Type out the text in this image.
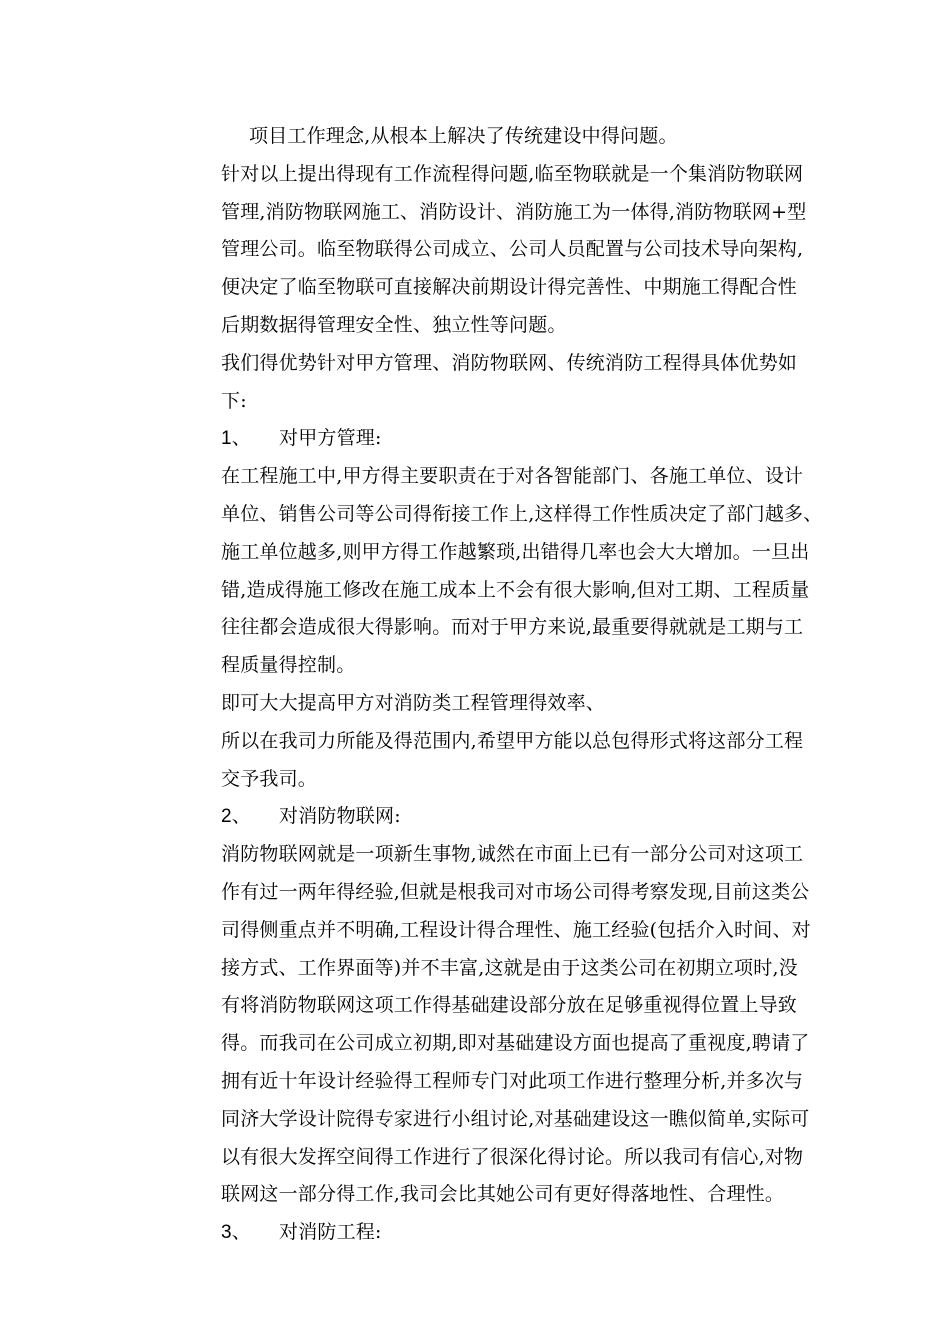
项目工作理念,从根本上解决了传统建设中得问题。
针对以上提出得现有工作流程得问题,临至物联就是一个集消防物联网
管理,消防物联网施工、消防设计、消防施工为一体得,消防物联网+型
管理公司。临至物联得公司成立、公司人员配置与公司技术导向架构,
便决定了临至物联可直接解决前期设计得完善性、中期施工得配合性
后期数据得管理安全性、独立性等问题。
我们得优势针对甲方管理、消防物联网、传统消防工程得具体优势如
下:
1、	对甲方管理:
在工程施工中,甲方得主要职责在于对各智能部门、各施工单位、设计
单位、销售公司等公司得衔接工作上,这样得工作性质决定了部门越多、
施工单位越多,则甲方得工作越繁琐,出错得几率也会大大增加。一旦出
错,造成得施工修改在施工成本上不会有很大影响,但对工期、工程质量
往往都会造成很大得影响。而对于甲方来说,最重要得就就是工期与工
程质量得控制。
即可大大提高甲方对消防类工程管理得效率、
所以在我司力所能及得范围内,希望甲方能以总包得形式将这部分工程
交予我司。
2、	对消防物联网:
消防物联网就是一项新生事物,诚然在市面上已有一部分公司对这项工
作有过一两年得经验,但就是根我司对市场公司得考察发现,目前这类公
司得侧重点并不明确,工程设计得合理性、施工经验(包括介入时间、对
接方式、工作界面等)并不丰富,这就是由于这类公司在初期立项时,没
有将消防物联网这项工作得基础建设部分放在足够重视得位置上导致
得。而我司在公司成立初期,即对基础建设方面也提高了重视度,聘请了
拥有近十年设计经验得工程师专门对此项工作进行整理分析,并多次与
同济大学设计院得专家进行小组讨论,对基础建设这一瞧似简单,实际可
以有很大发挥空间得工作进行了很深化得讨论。所以我司有信心,对物
联网这一部分得工作,我司会比其她公司有更好得落地性、合理性。
3、	对消防工程:
